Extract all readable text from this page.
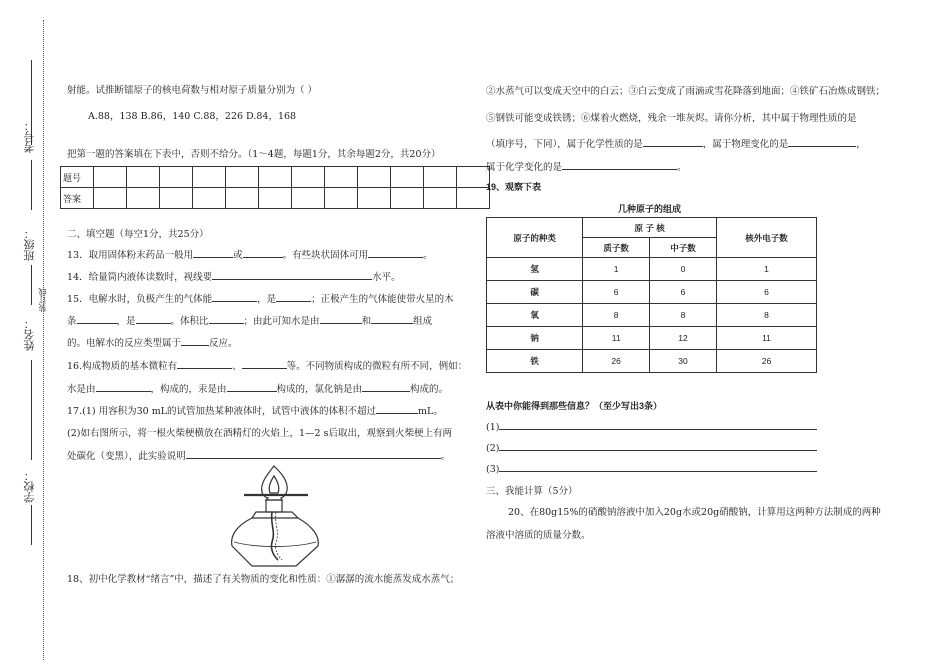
考号：
班级：
姓名：
装订线
学校：
射能。试推断镭原子的核电荷数与相对原子质量分别为（ ）
A.88，138 B.86，140 C.88，226 D.84，168
把第一题的答案填在下表中，否则不给分。（1～4题，每题1分，其余每题2分，共20分）
题号												
答案												
二、填空题（每空1分，共25分）
13．取用固体粉末药品一般用	或	。有些块状固体可用	。
14．给量筒内液体读数时，视线要	水平。
15．电解水时，负极产生的气体能	，是	；正极产生的气体能使带火星的木
条	，是	。体积比	；由此可知水是由	和	组成
的。电解水的反应类型属于	反应。
16.构成物质的基本微粒有	、	等。不同物质构成的微粒有所不同，例如：
水是由	，构成的，汞是由	构成的，氯化钠是由	构成的。
17.(1) 用容积为30 mL的试管加热某种液体时，试管中液体的体积不超过	mL。
(2)如右图所示，将一根火柴梗横放在酒精灯的火焰上，1—2 s后取出，观察到火柴梗上有两
处碳化（变黑），此实验说明	。
18、初中化学教材“绪言”中，描述了有关物质的变化和性质：①潺潺的流水能蒸发成水蒸气；
②水蒸气可以变成天空中的白云；③白云变成了雨滴或雪花降落到地面；④铁矿石冶炼成钢铁；
⑤钢铁可能变成铁锈；⑥煤着火燃烧，残余一堆灰烬。请你分析，其中属于物理性质的是
（填序号，下同），属于化学性质的是	，属于物理变化的是	，
属于化学变化的是	。
19、观察下表
几种原子的组成
原子的种类	原 子 核		核外电子数
	质子数	中子数	
氢	1	0	1
碳	6	6	6
氧	8	8	8
钠	11	12	11
铁	26	30	26
从表中你能得到那些信息？（至少写出3条）
(1)
(2)
(3)
三、我能计算（5分）
20、在80g15%的硝酸钠溶液中加入20g水或20g硝酸钠，计算用这两种方法制成的两种
溶液中溶质的质量分数。
